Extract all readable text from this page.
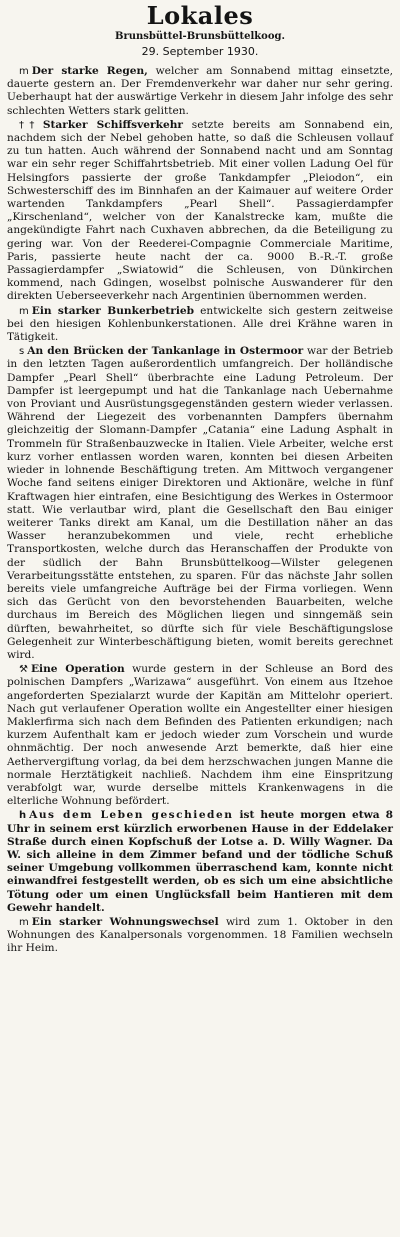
Lokales
Brunsbüttel-Brunsbüttelkoog.
29. September 1930.

m Der starke Regen, welcher am Sonnabend mittag einsetzte, dauerte gestern an. Der Fremdenverkehr war daher nur sehr gering. Ueberhaupt hat der auswärtige Verkehr in diesem Jahr infolge des sehr schlechten Wetters stark gelitten.

†† Starker Schiffsverkehr setzte bereits am Sonnabend ein, nachdem sich der Nebel gehoben hatte, so daß die Schleusen vollauf zu tun hatten. Auch während der Sonnabend nacht und am Sonntag war ein sehr reger Schiffahrtsbetrieb. Mit einer vollen Ladung Oel für Helsingfors passierte der große Tankdampfer „Pleiodon“, ein Schwesterschiff des im Binnhafen an der Kaimauer auf weitere Order wartenden Tankdampfers „Pearl Shell“. Passagierdampfer „Kirschenland“, welcher von der Kanalstrecke kam, mußte die angekündigte Fahrt nach Cuxhaven abbrechen, da die Beteiligung zu gering war. Von der Reederei-Compagnie Commerciale Maritime, Paris, passierte heute nacht der ca. 9000 B.-R.-T. große Passagierdampfer „Swiatowid“ die Schleusen, von Dünkirchen kommend, nach Gdingen, woselbst polnische Auswanderer für den direkten Ueberseeverkehr nach Argentinien übernommen werden.

m Ein starker Bunkerbetrieb entwickelte sich gestern zeitweise bei den hiesigen Kohlenbunkerstationen. Alle drei Krähne waren in Tätigkeit.

s An den Brücken der Tankanlage in Ostermoor war der Betrieb in den letzten Tagen außerordentlich umfangreich. Der holländische Dampfer „Pearl Shell“ überbrachte eine Ladung Petroleum. Der Dampfer ist leergepumpt und hat die Tankanlage nach Uebernahme von Proviant und Ausrüstungsgegenständen gestern wieder verlassen. Während der Liegezeit des vorbenannten Dampfers übernahm gleichzeitig der Slomann-Dampfer „Catania“ eine Ladung Asphalt in Trommeln für Straßenbauzwecke in Italien. Viele Arbeiter, welche erst kurz vorher entlassen worden waren, konnten bei diesen Arbeiten wieder in lohnende Beschäftigung treten. Am Mittwoch vergangener Woche fand seitens einiger Direktoren und Aktionäre, welche in fünf Kraftwagen hier eintrafen, eine Besichtigung des Werkes in Ostermoor statt. Wie verlautbar wird, plant die Gesellschaft den Bau einiger weiterer Tanks direkt am Kanal, um die Destillation näher an das Wasser heranzubekommen und viele, recht erhebliche Transportkosten, welche durch das Heranschaffen der Produkte von der südlich der Bahn Brunsbüttelkoog—Wilster gelegenen Verarbeitungsstätte entstehen, zu sparen. Für das nächste Jahr sollen bereits viele umfangreiche Aufträge bei der Firma vorliegen. Wenn sich das Gerücht von den bevorstehenden Bauarbeiten, welche durchaus im Bereich des Möglichen liegen und sinngemäß sein dürften, bewahrheitet, so dürfte sich für viele Beschäftigungslose Gelegenheit zur Winterbeschäftigung bieten, womit bereits gerechnet wird.

⚒ Eine Operation wurde gestern in der Schleuse an Bord des polnischen Dampfers „Warizawa“ ausgeführt. Von einem aus Itzehoe angeforderten Spezialarzt wurde der Kapitän am Mittelohr operiert. Nach gut verlaufener Operation wollte ein Angestellter einer hiesigen Maklerfirma sich nach dem Befinden des Patienten erkundigen; nach kurzem Aufenthalt kam er jedoch wieder zum Vorschein und wurde ohnmächtig. Der noch anwesende Arzt bemerkte, daß hier eine Aethervergiftung vorlag, da bei dem herzschwachen jungen Manne die normale Herztätigkeit nachließ. Nachdem ihm eine Einspritzung verabfolgt war, wurde derselbe mittels Krankenwagens in die elterliche Wohnung befördert.

h Aus dem Leben geschieden ist heute morgen etwa 8 Uhr in seinem erst kürzlich erworbenen Hause in der Eddelaker Straße durch einen Kopfschuß der Lotse a. D. Willy Wagner. Da W. sich alleine in dem Zimmer befand und der tödliche Schuß seiner Umgebung vollkommen überraschend kam, konnte nicht einwandfrei festgestellt werden, ob es sich um eine absichtliche Tötung oder um einen Unglücksfall beim Hantieren mit dem Gewehr handelt.

m Ein starker Wohnungswechsel wird zum 1. Oktober in den Wohnungen des Kanalpersonals vorgenommen. 18 Familien wechseln ihr Heim.
